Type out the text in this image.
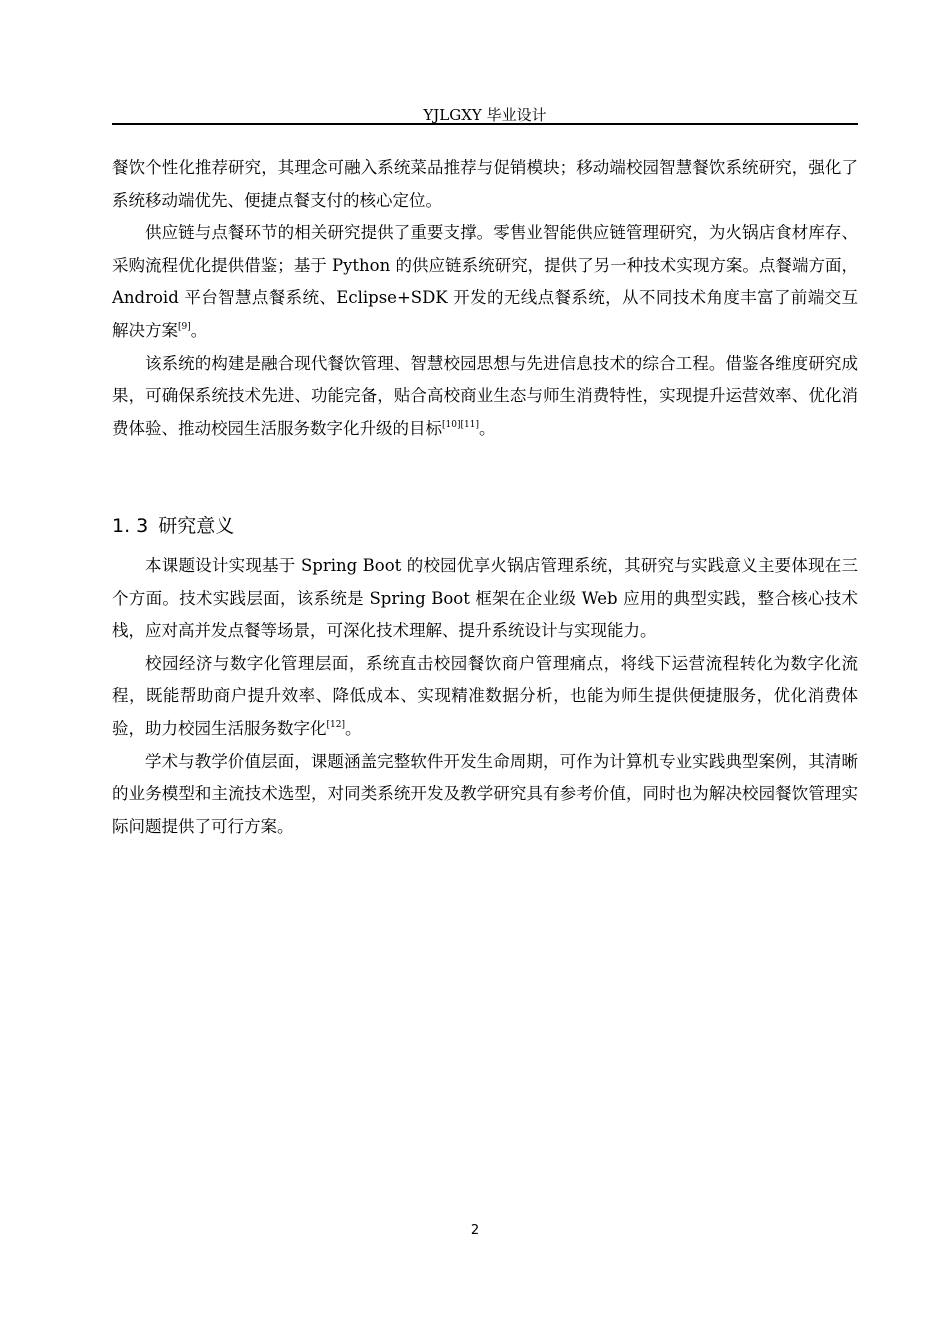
YJLGXY 毕业设计

餐饮个性化推荐研究，其理念可融入系统菜品推荐与促销模块；移动端校园智慧餐饮系统研究，强化了系统移动端优先、便捷点餐支付的核心定位。

供应链与点餐环节的相关研究提供了重要支撑。零售业智能供应链管理研究，为火锅店食材库存、采购流程优化提供借鉴；基于 Python 的供应链系统研究，提供了另一种技术实现方案。点餐端方面，Android 平台智慧点餐系统、Eclipse+SDK 开发的无线点餐系统，从不同技术角度丰富了前端交互解决方案[9]。

该系统的构建是融合现代餐饮管理、智慧校园思想与先进信息技术的综合工程。借鉴各维度研究成果，可确保系统技术先进、功能完备，贴合高校商业生态与师生消费特性，实现提升运营效率、优化消费体验、推动校园生活服务数字化升级的目标[10][11]。

1. 3 研究意义

本课题设计实现基于 Spring Boot 的校园优享火锅店管理系统，其研究与实践意义主要体现在三个方面。技术实践层面，该系统是 Spring Boot 框架在企业级 Web 应用的典型实践，整合核心技术栈，应对高并发点餐等场景，可深化技术理解、提升系统设计与实现能力。

校园经济与数字化管理层面，系统直击校园餐饮商户管理痛点，将线下运营流程转化为数字化流程，既能帮助商户提升效率、降低成本、实现精准数据分析，也能为师生提供便捷服务，优化消费体验，助力校园生活服务数字化[12]。

学术与教学价值层面，课题涵盖完整软件开发生命周期，可作为计算机专业实践典型案例，其清晰的业务模型和主流技术选型，对同类系统开发及教学研究具有参考价值，同时也为解决校园餐饮管理实际问题提供了可行方案。

2
